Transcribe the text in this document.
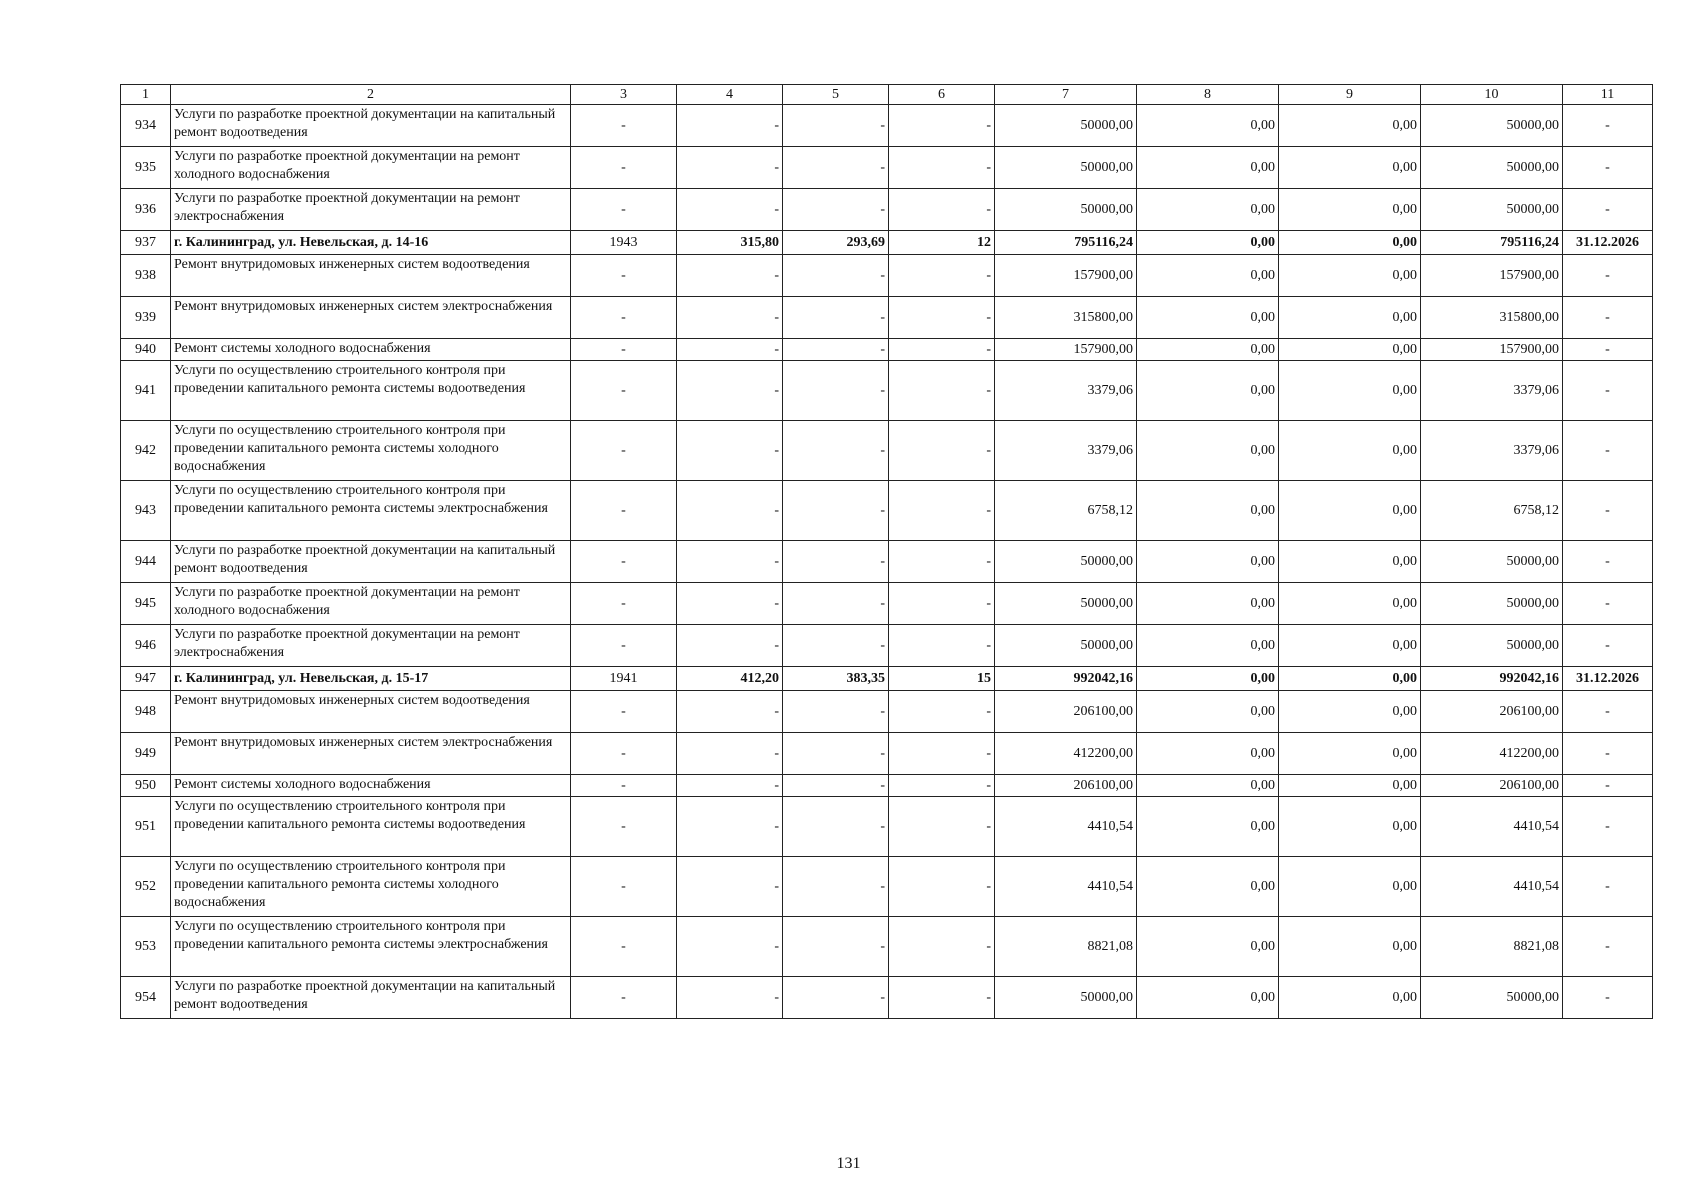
1	2	3	4	5	6	7	8	9	10	11
934	Услуги по разработке проектной документации на капитальный ремонт водоотведения	-	-	-	-	50000,00	0,00	0,00	50000,00	-
935	Услуги по разработке проектной документации на ремонт холодного водоснабжения	-	-	-	-	50000,00	0,00	0,00	50000,00	-
936	Услуги по разработке проектной документации на ремонт электроснабжения	-	-	-	-	50000,00	0,00	0,00	50000,00	-
937	г. Калининград, ул. Невельская, д. 14-16	1943	315,80	293,69	12	795116,24	0,00	0,00	795116,24	31.12.2026
938	Ремонт внутридомовых инженерных систем водоотведения	-	-	-	-	157900,00	0,00	0,00	157900,00	-
939	Ремонт внутридомовых инженерных систем электроснабжения	-	-	-	-	315800,00	0,00	0,00	315800,00	-
940	Ремонт системы холодного водоснабжения	-	-	-	-	157900,00	0,00	0,00	157900,00	-
941	Услуги по осуществлению строительного контроля при проведении капитального ремонта системы водоотведения	-	-	-	-	3379,06	0,00	0,00	3379,06	-
942	Услуги по осуществлению строительного контроля при проведении капитального ремонта системы холодного водоснабжения	-	-	-	-	3379,06	0,00	0,00	3379,06	-
943	Услуги по осуществлению строительного контроля при проведении капитального ремонта системы электроснабжения	-	-	-	-	6758,12	0,00	0,00	6758,12	-
944	Услуги по разработке проектной документации на капитальный ремонт водоотведения	-	-	-	-	50000,00	0,00	0,00	50000,00	-
945	Услуги по разработке проектной документации на ремонт холодного водоснабжения	-	-	-	-	50000,00	0,00	0,00	50000,00	-
946	Услуги по разработке проектной документации на ремонт электроснабжения	-	-	-	-	50000,00	0,00	0,00	50000,00	-
947	г. Калининград, ул. Невельская, д. 15-17	1941	412,20	383,35	15	992042,16	0,00	0,00	992042,16	31.12.2026
948	Ремонт внутридомовых инженерных систем водоотведения	-	-	-	-	206100,00	0,00	0,00	206100,00	-
949	Ремонт внутридомовых инженерных систем электроснабжения	-	-	-	-	412200,00	0,00	0,00	412200,00	-
950	Ремонт системы холодного водоснабжения	-	-	-	-	206100,00	0,00	0,00	206100,00	-
951	Услуги по осуществлению строительного контроля при проведении капитального ремонта системы водоотведения	-	-	-	-	4410,54	0,00	0,00	4410,54	-
952	Услуги по осуществлению строительного контроля при проведении капитального ремонта системы холодного водоснабжения	-	-	-	-	4410,54	0,00	0,00	4410,54	-
953	Услуги по осуществлению строительного контроля при проведении капитального ремонта системы электроснабжения	-	-	-	-	8821,08	0,00	0,00	8821,08	-
954	Услуги по разработке проектной документации на капитальный ремонт водоотведения	-	-	-	-	50000,00	0,00	0,00	50000,00	-
131
